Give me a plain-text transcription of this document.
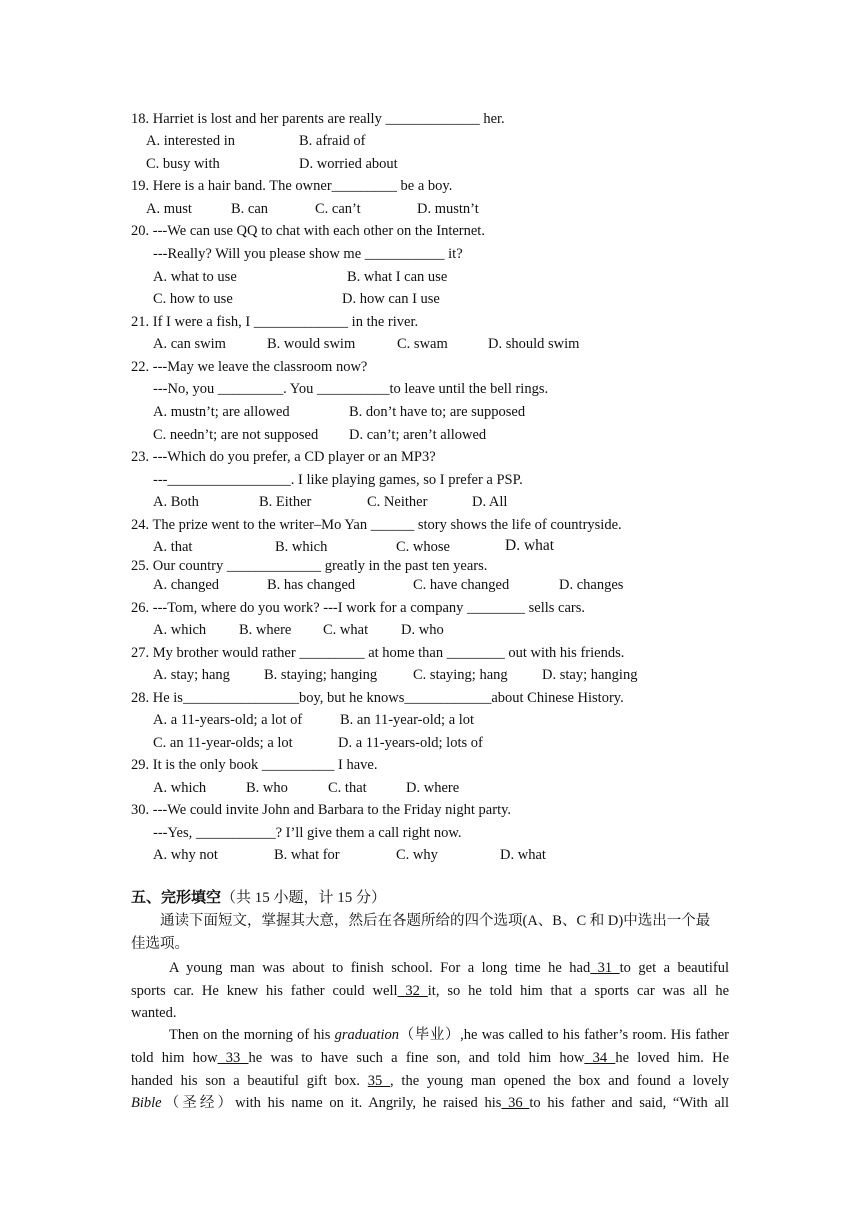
18. Harriet is lost and her parents are really _____________ her.
A. interested in	B. afraid of
C. busy with	D. worried about
19. Here is a hair band. The owner_________ be a boy.
A. must	B. can	C. can’t	D. mustn’t
20. ---We can use QQ to chat with each other on the Internet.
---Really? Will you please show me ___________ it?
A. what to use	B. what I can use
C. how to use	D. how can I use
21. If I were a fish, I _____________ in the river.
A. can swim	B. would swim	C. swam	D. should swim
22. ---May we leave the classroom now?
---No, you _________. You __________to leave until the bell rings.
A. mustn’t; are allowed	B. don’t have to; are supposed
C. needn’t; are not supposed D. can’t; aren’t allowed
23. ---Which do you prefer, a CD player or an MP3?
---_________________. I like playing games, so I prefer a PSP.
A. Both	B. Either	C. Neither	D. All
24. The prize went to the writer–Mo Yan ______ story shows the life of countryside.
A. that	B. which	C. whose	D. what
25. Our country _____________ greatly in the past ten years.
A. changed	B. has changed	C. have changed	D. changes
26. ---Tom, where do you work? ---I work for a company ________ sells cars.
A. which B. where C. what D. who
27. My brother would rather _________ at home than ________ out with his friends.
A. stay; hang B. staying; hanging C. staying; hang D. stay; hanging
28. He is________________boy, but he knows____________about Chinese History.
A. a 11-years-old; a lot of	B. an 11-year-old; a lot
C. an 11-year-olds; a lot	D. a 11-years-old; lots of
29. It is the only book __________ I have.
A. which	B. who	C. that	D. where
30. ---We could invite John and Barbara to the Friday night party.
---Yes, ___________? I’ll give them a call right now.
A. why not	B. what for	C. why	D. what
五、完形填空（共 15 小题，计 15 分）
通读下面短文，掌握其大意，然后在各题所给的四个选项(A、B、C 和 D)中选出一个最
佳选项。
A young man was about to finish school. For a long time he had 31 to get a beautiful
sports car. He knew his father could well 32 it, so he told him that a sports car was all he
wanted.
Then on the morning of his graduation（毕业）,he was called to his father’s room. His father
told him how 33 he was to have such a fine son, and told him how 34 he loved him. He
handed his son a beautiful gift box. 35 , the young man opened the box and found a lovely
Bible（圣经）with his name on it. Angrily, he raised his 36 to his father and said, “With all
